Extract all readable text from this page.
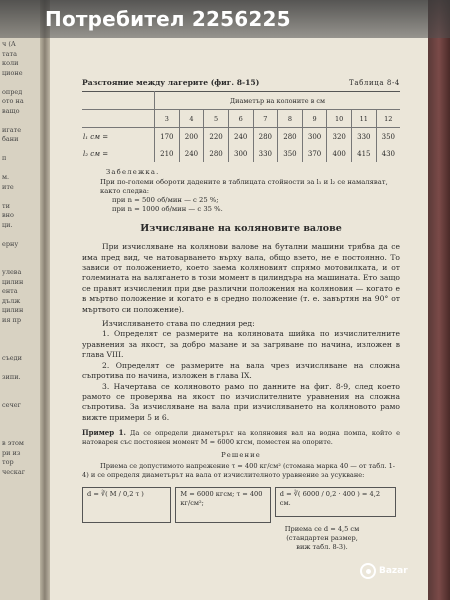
ч (А
тата
коли
ционе

опред
ото на
ващо

игате
бани

п

м.
ите

ти
вно
ци.

ерну

улева
цилин
ента
дълж
цилин
ия пр

съеди

зипи.

сечег

в этом
ри из
тор
ческаг
Разстояние между лагерите (фиг. 8-15)	Таблица 8-4
	Диаметър на колоните в см									
	3	4	5	6	7	8	9	10	11	12
l₁ см =	170	200	220	240	280	280	300	320	330	350
l₂ см =	210	240	280	300	330	350	370	400	415	430
Забележка.
При по-големи обороти дадените в таблицата стойности за l₁ и l₂ се намаляват, както следва:
при n = 500 об/мин — с 25 %;
при n = 1000 об/мин — с 35 %.
Изчисляване на коляновите валове

При изчисляване на колянови валове на бутални машини трябва да се има пред вид, че натоварването върху вала, общо взето, не е постоянно. То зависи от положението, което заема коляновият спрямо мотовилката, и от големината на валягането в този момент в цилиндъра на машината. Ето защо се правят изчисления при две различни положения на коляновия — когато е в мъртво положение и когато е в средно положение (т. е. завъртян на 90° от мъртвото си положение).

Изчисляването става по следния ред:

1. Определят се размерите на коляновата шийка по изчислителните уравнения за якост, за добро мазане и за загряване по начина, изложен в глава VIII.

2. Определят се размерите на вала чрез изчисляване на сложна съпротива по начина, изложен в глава IX.

3. Начертава се коляновото рамо по данните на фиг. 8-9, след което рамото се проверява на якост по изчислителните уравнения на сложна съпротива. За изчисляване на вала при изчисляването на коляновото рамо вижте примери 5 и 6.

Пример 1. Да се определи диаметърът на коляновия вал на водна помпа, който е натоварен със постоянен момент M = 6000 кгсм, поместен на опорите.
Решение
Приема се допустимото напрежение τ = 400 кг/см² (стомана марка 40 — от табл. 1-4) и се определя диаметърът на вала от изчислителното уравнение за усукване:
d = ∛( M / 0,2 τ )	M = 6000 кгсм; τ = 400 кг/см²;
d = ∛( 6000 / 0,2 · 400 ) = 4,2 см.
Приема се d = 4,5 см
(стандартен размер,
виж табл. 8-3).
Потребител 2256225
Bazar
